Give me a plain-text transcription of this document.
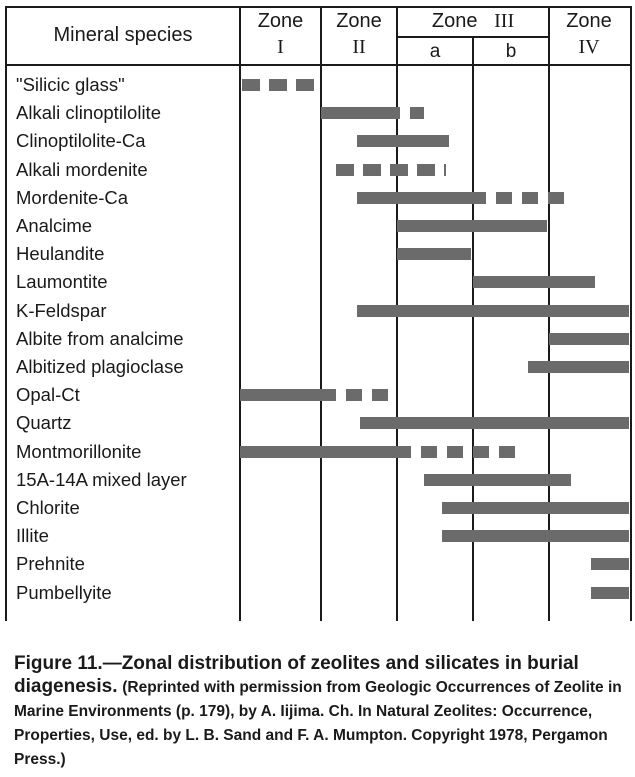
Mineral species
Zone
I
Zone
II
Zone III
a	b
Zone
IV
"Silicic glass"
Alkali clinoptilolite
Clinoptilolite-Ca
Alkali mordenite
Mordenite-Ca
Analcime
Heulandite
Laumontite
K-Feldspar
Albite from analcime
Albitized plagioclase
Opal-Ct
Quartz
Montmorillonite
15A-14A mixed layer
Chlorite
Illite
Prehnite
Pumbellyite
Figure 11.—Zonal distribution of zeolites and silicates in burial diagenesis. (Reprinted with permission from Geologic Occurrences of Zeolite in Marine Environments (p. 179), by A. Iijima. Ch. In Natural Zeolites: Occurrence, Properties, Use, ed. by L. B. Sand and F. A. Mumpton. Copyright 1978, Pergamon Press.)
